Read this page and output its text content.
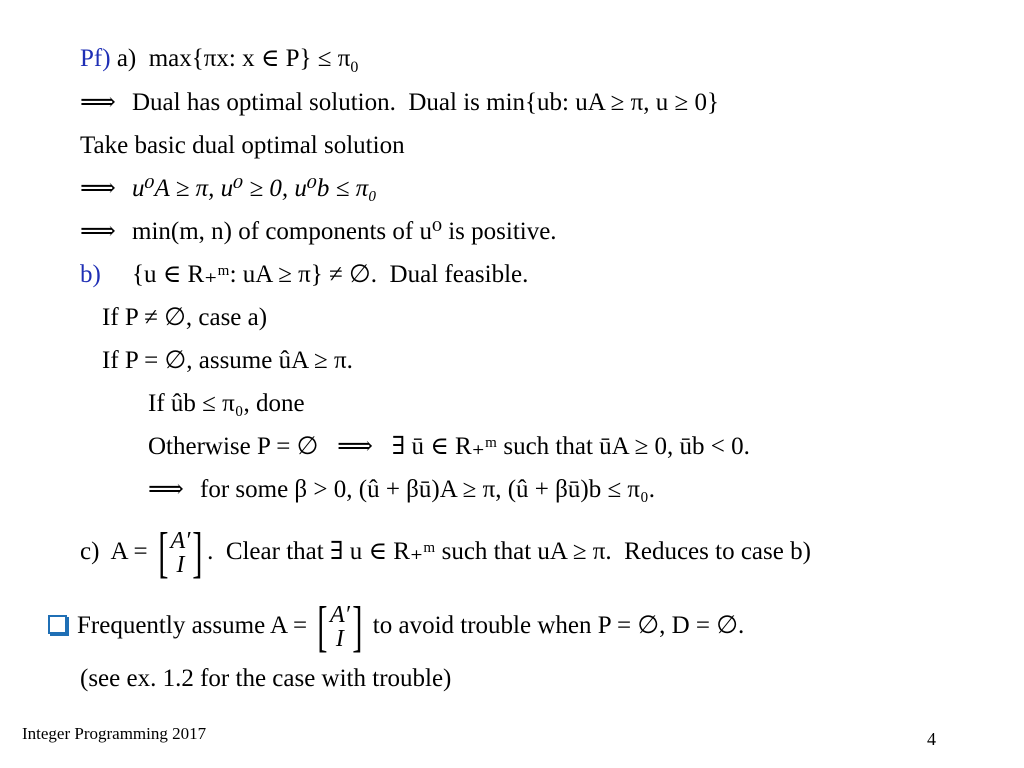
Pf) a)  max{πx: x ∈ $P\} \le \pi_0$
⟹ Dual has optimal solution.  Dual is min{ub: uA ≥ π, u ≥ 0}
Take basic dual optimal solution
⟹ u⁰A ≥ π, u⁰ ≥ 0, u⁰b ≤ π₀
⟹ min(m, n) of components of u⁰ is positive.
b) {u ∈ R₊ᵐ: uA ≥ π} ≠ ∅.  Dual feasible.
If P ≠ ∅, case a)
If P = ∅, assume ûA ≥ π.
If ûb ≤ π₀, done
Otherwise P = ∅   ⟹   ∃ ū ∈ R₊ᵐ such that ūA ≥ 0, ūb < 0.
⟹ for some β > 0, (û + βū)A ≥ π, (û + βū)b ≤ π₀.
c)  A = [ A′
I ] .  Clear that ∃ u ∈ R₊ᵐ such that uA ≥ π.  Reduces to case b)
Frequently assume A = [ A′
I ] to avoid trouble when P = ∅, D = ∅.
(see ex. 1.2 for the case with trouble)
Integer Programming 2017	4
